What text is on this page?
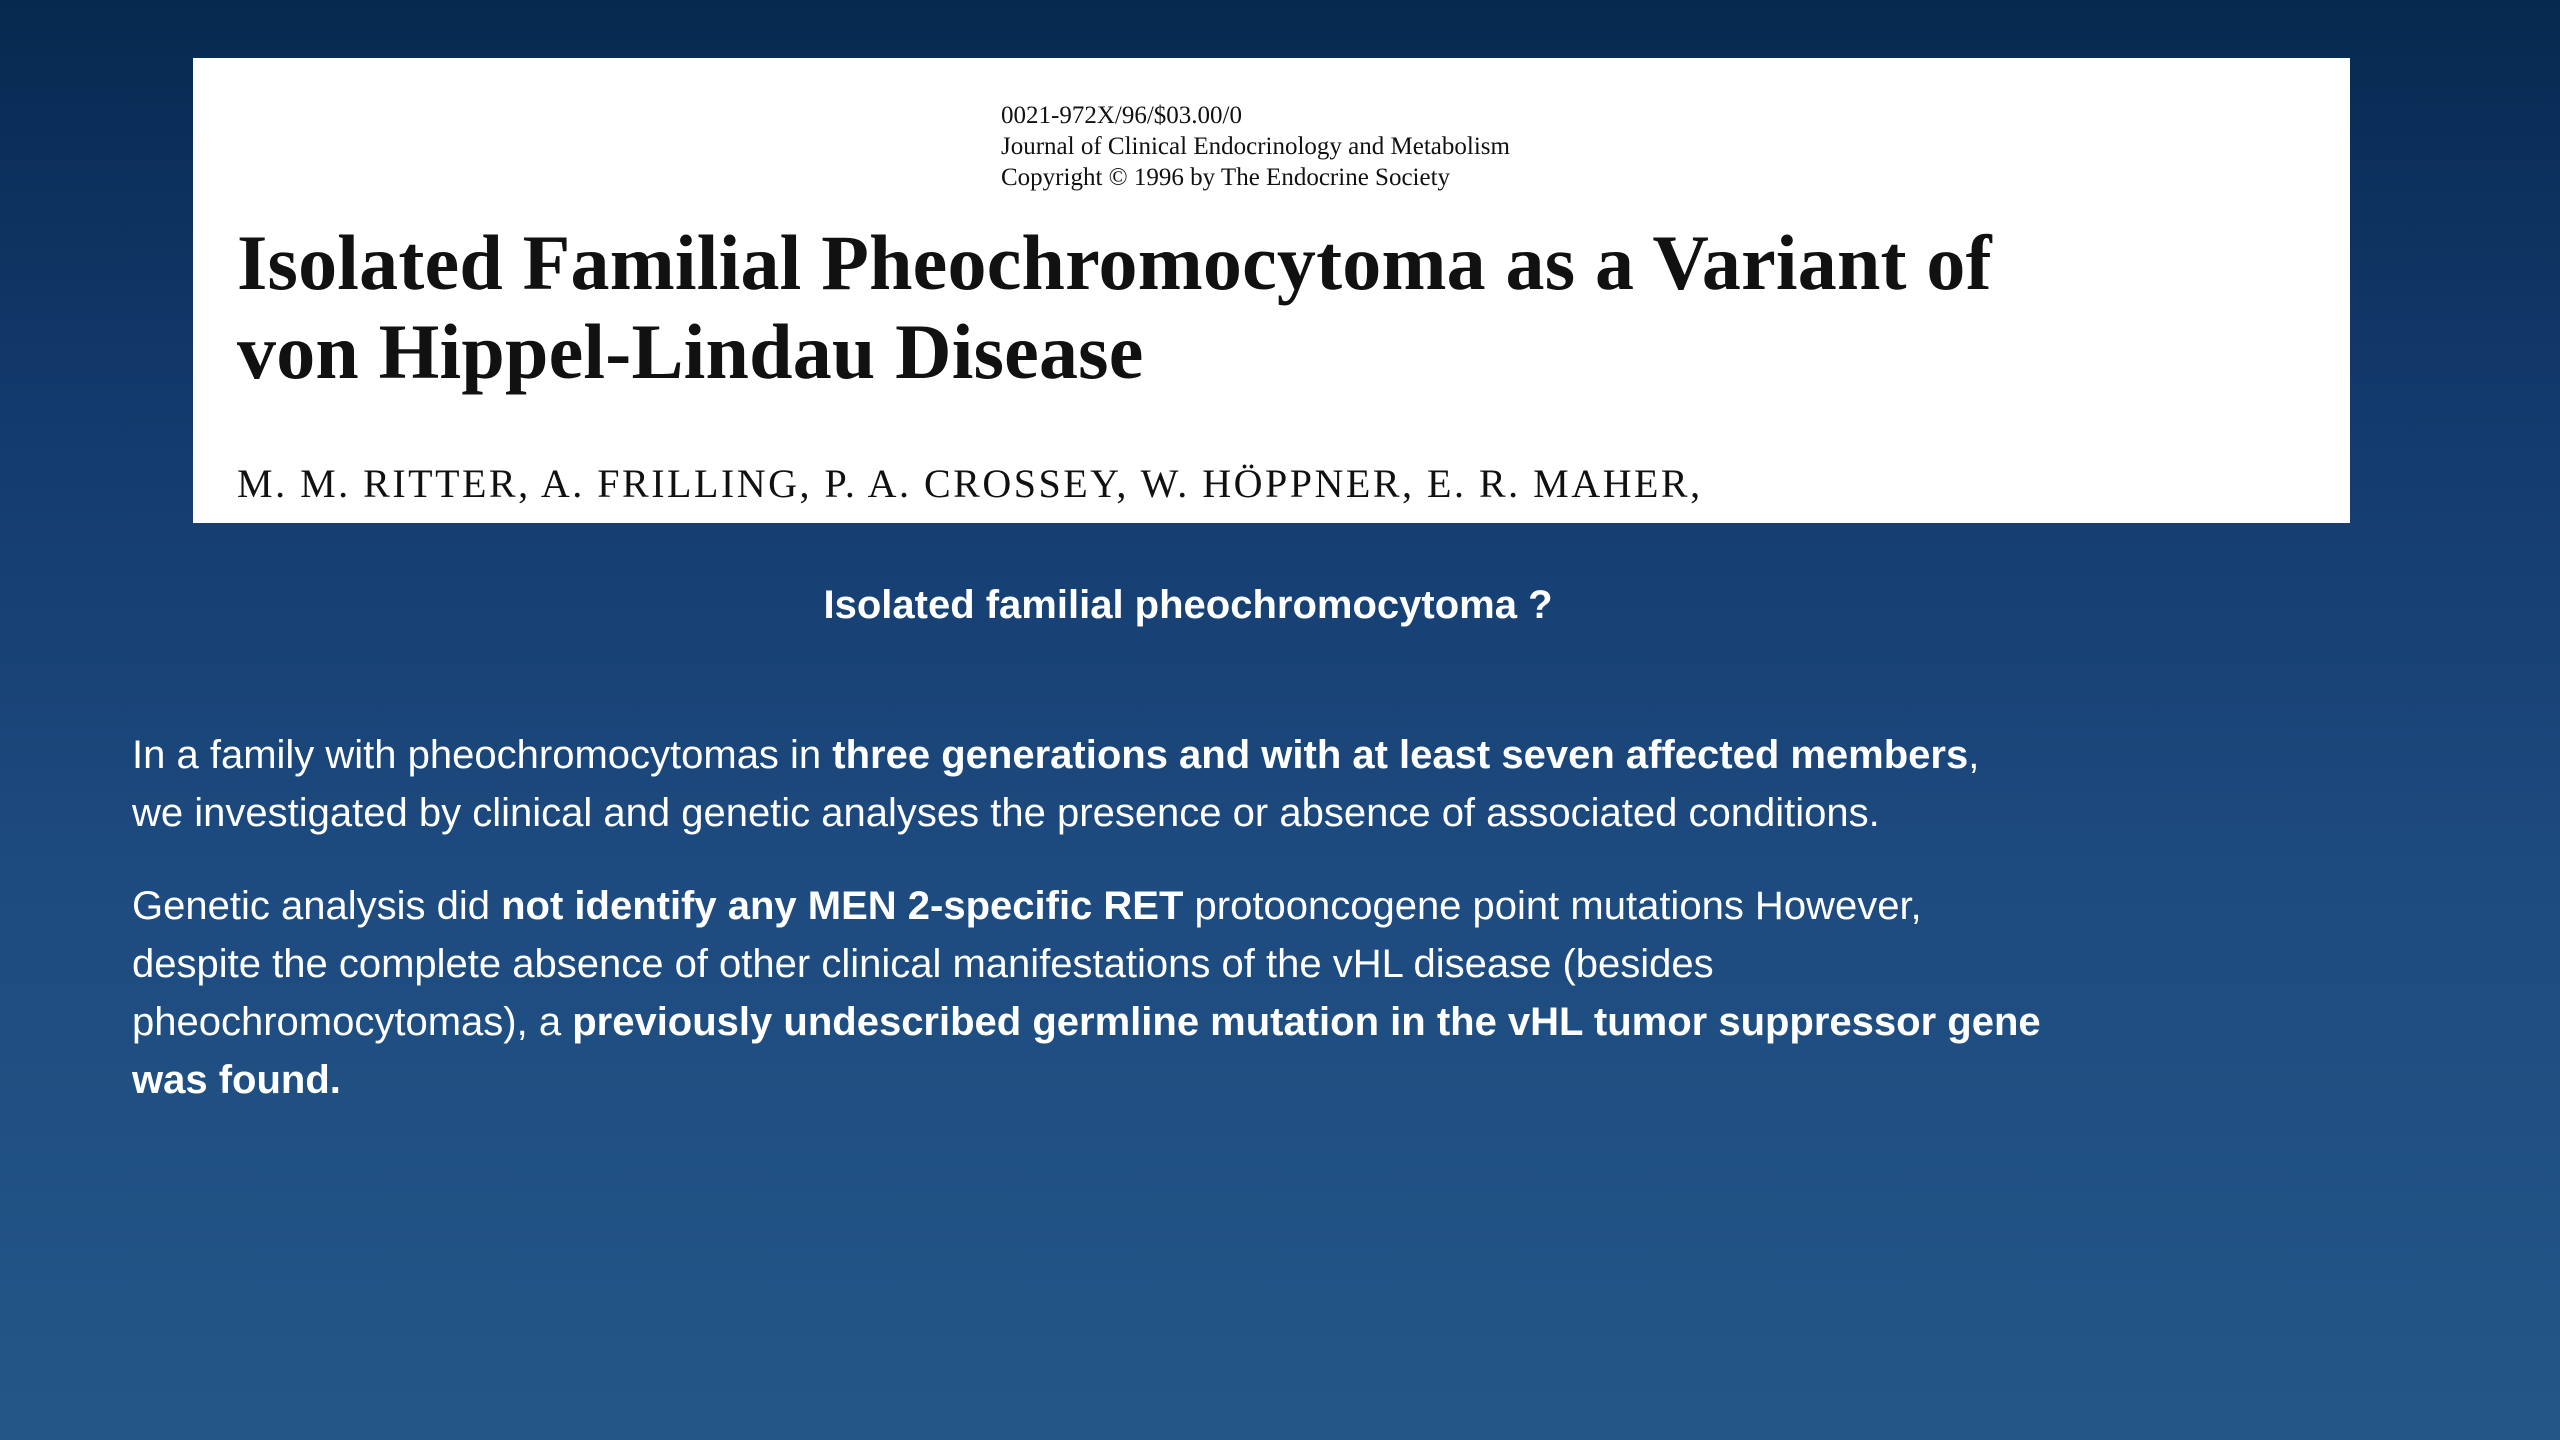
0021-972X/96/$03.00/0
Journal of Clinical Endocrinology and Metabolism
Copyright © 1996 by The Endocrine Society
Isolated Familial Pheochromocytoma as a Variant of
von Hippel-Lindau Disease
M. M. RITTER, A. FRILLING, P. A. CROSSEY, W. HÖPPNER, E. R. MAHER,
Isolated familial pheochromocytoma ?
In a family with pheochromocytomas in three generations and with at least seven affected members,
we investigated by clinical and genetic analyses the presence or absence of associated conditions.
Genetic analysis did not identify any MEN 2-specific RET protooncogene point mutations However,
despite the complete absence of other clinical manifestations of the vHL disease (besides
pheochromocytomas), a previously undescribed germline mutation in the vHL tumor suppressor gene
was found.
